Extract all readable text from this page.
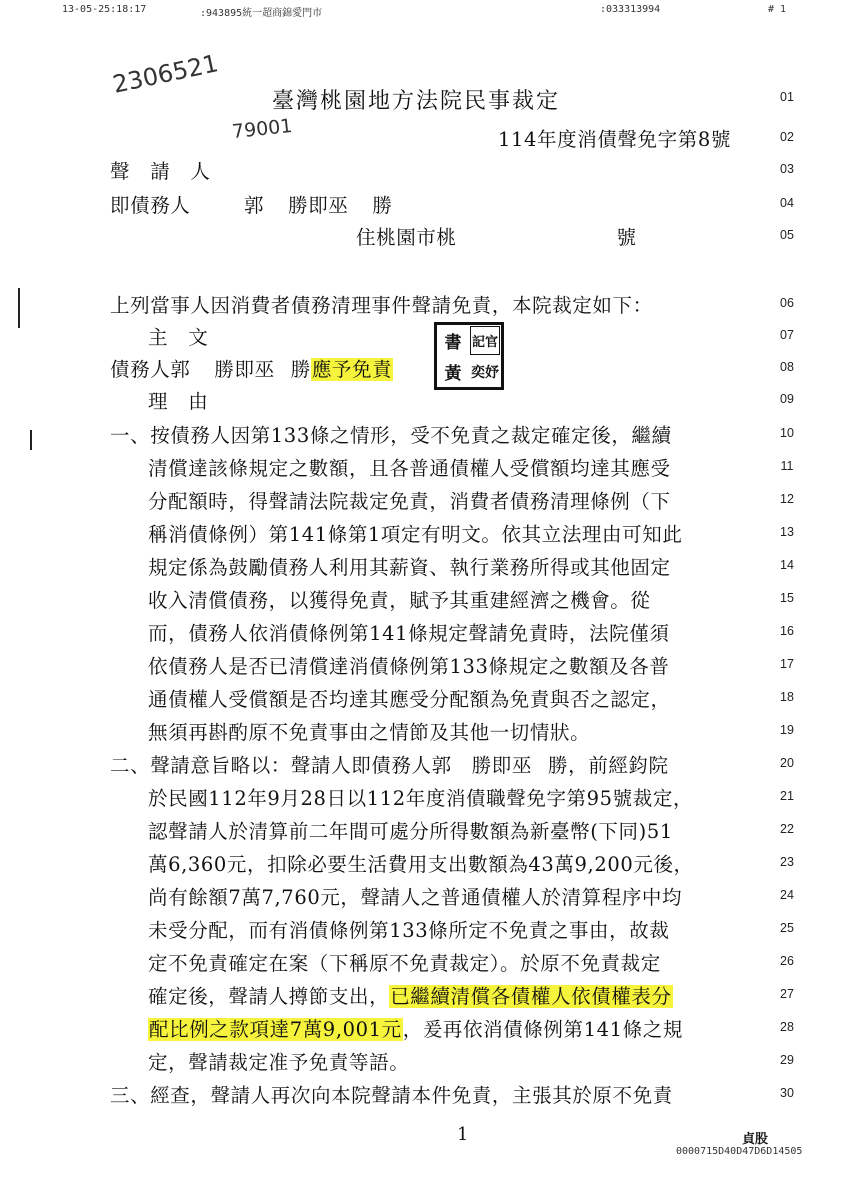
13-05-25:18:17	:943895統一超商錦愛門市	:033313994	# 1
2306521
79001
臺灣桃園地方法院民事裁定
114年度消債聲免字第8號
聲　請　人
即債務人	郭 勝即巫 勝
住桃園市桃	號
上列當事人因消費者債務清理事件聲請免責，本院裁定如下：
主　文
債務人郭 勝即巫 勝應予免責
書 記官
黃 奕妤
理　由
一、按債務人因第133條之情形，受不免責之裁定確定後，繼續
清償達該條規定之數額，且各普通債權人受償額均達其應受
分配額時，得聲請法院裁定免責，消費者債務清理條例（下
稱消債條例）第141條第1項定有明文。依其立法理由可知此
規定係為鼓勵債務人利用其薪資、執行業務所得或其他固定
收入清償債務，以獲得免責，賦予其重建經濟之機會。從
而，債務人依消債條例第141條規定聲請免責時，法院僅須
依債務人是否已清償達消債條例第133條規定之數額及各普
通債權人受償額是否均達其應受分配額為免責與否之認定，
無須再斟酌原不免責事由之情節及其他一切情狀。
二、聲請意旨略以：聲請人即債務人郭 勝即巫 勝，前經鈞院
於民國112年9月28日以112年度消債職聲免字第95號裁定，
認聲請人於清算前二年間可處分所得數額為新臺幣(下同)51
萬6,360元，扣除必要生活費用支出數額為43萬9,200元後，
尚有餘額7萬7,760元，聲請人之普通債權人於清算程序中均
未受分配，而有消債條例第133條所定不免責之事由，故裁
定不免責確定在案（下稱原不免責裁定）。於原不免責裁定
確定後，聲請人撙節支出，已繼續清償各債權人依債權表分
配比例之款項達7萬9,001元，爰再依消債條例第141條之規
定，聲請裁定准予免責等語。
三、經查，聲請人再次向本院聲請本件免責，主張其於原不免責
1	貞股
0000715D40D47D6D14505
01
02
03
04
05
06
07
08
09
10
11
12
13
14
15
16
17
18
19
20
21
22
23
24
25
26
27
28
29
30
